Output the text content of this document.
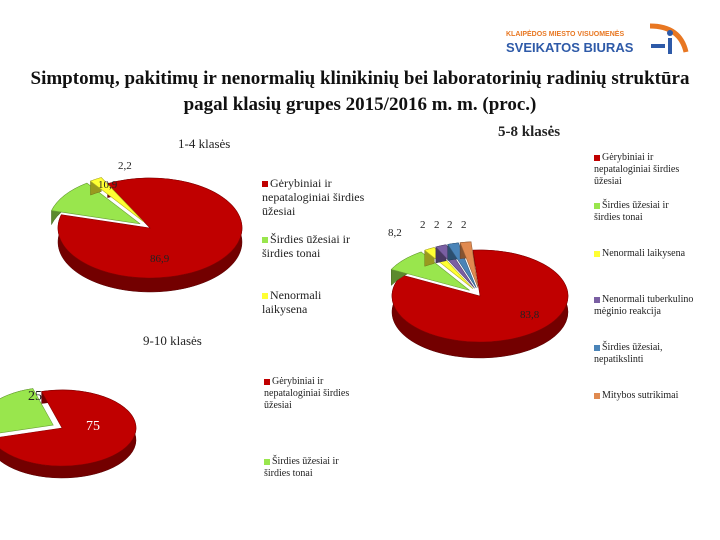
KLAIPĖDOS MIESTO VISUOMENĖS
SVEIKATOS BIURAS
Simptomų, pakitimų ir nenormalių klinikinių bei laboratorinių radinių struktūra pagal klasių grupes 2015/2016 m. m. (proc.)
86,9
10,9
2,2
83,8
8,2
2 2 2 2
75
25
1-4 klasės
5-8 klasės
9-10 klasės
Gėrybiniai ir nepataloginiai širdies ūžesiai
Širdies ūžesiai ir širdies tonai
Nenormali laikysena
Gėrybiniai ir nepataloginiai širdies ūžesiai
Širdies ūžesiai ir širdies tonai
Nenormali laikysena
Nenormali tuberkulino mėginio reakcija
Širdies ūžesiai, nepatikslinti
Mitybos sutrikimai
Gėrybiniai ir nepataloginiai širdies ūžesiai
Širdies ūžesiai ir širdies tonai
